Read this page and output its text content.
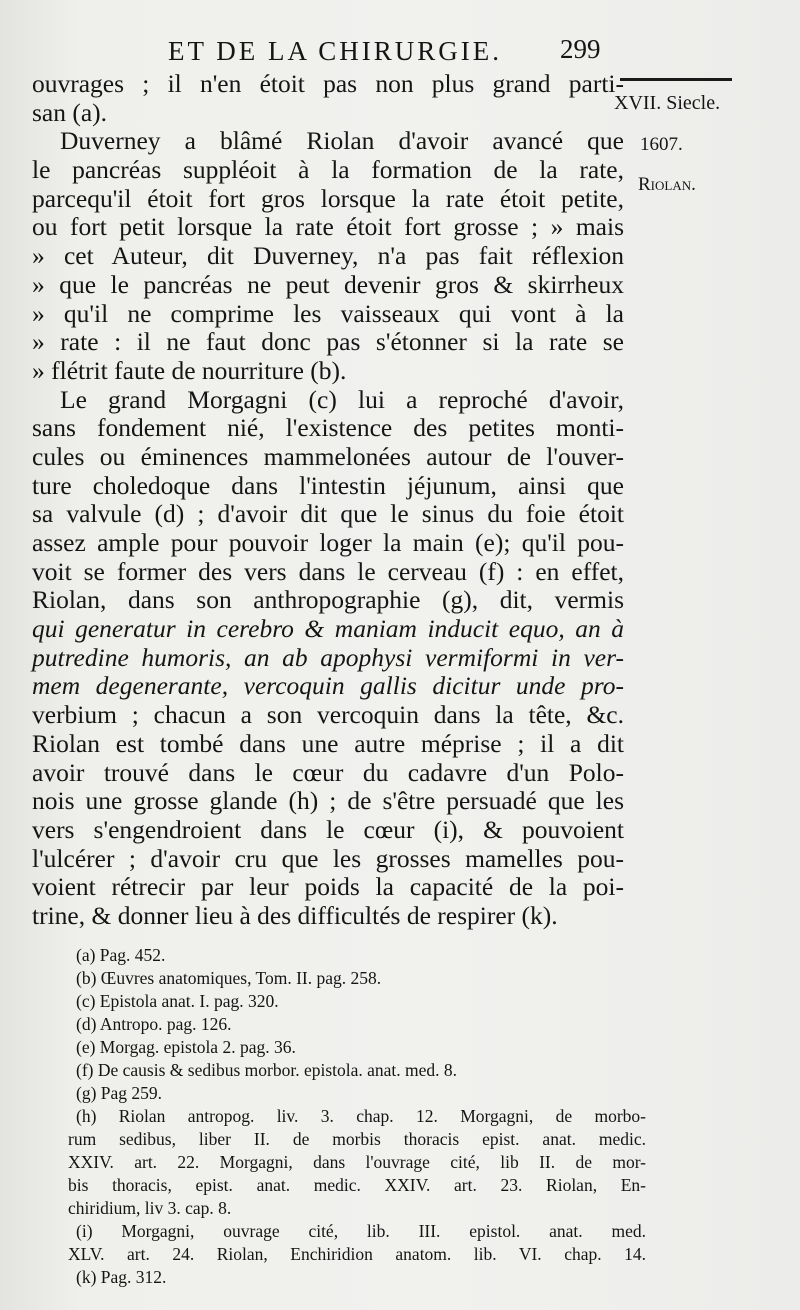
ET DE LA CHIRURGIE.	299
XVII. Siecle.
1607.
Riolan.
ouvrages ; il n'en étoit pas non plus grand parti-
san (a).
Duverney a blâmé Riolan d'avoir avancé que
le pancréas suppléoit à la formation de la rate,
parcequ'il étoit fort gros lorsque la rate étoit petite,
ou fort petit lorsque la rate étoit fort grosse ; » mais
» cet Auteur, dit Duverney, n'a pas fait réflexion
» que le pancréas ne peut devenir gros & skirrheux
» qu'il ne comprime les vaisseaux qui vont à la
» rate : il ne faut donc pas s'étonner si la rate se
» flétrit faute de nourriture (b).
Le grand Morgagni (c) lui a reproché d'avoir,
sans fondement nié, l'existence des petites monti-
cules ou éminences mammelonées autour de l'ouver-
ture choledoque dans l'intestin jéjunum, ainsi que
sa valvule (d) ; d'avoir dit que le sinus du foie étoit
assez ample pour pouvoir loger la main (e); qu'il pou-
voit se former des vers dans le cerveau (f) : en effet,
Riolan, dans son anthropographie (g), dit, vermis
qui generatur in cerebro & maniam inducit equo, an à
putredine humoris, an ab apophysi vermiformi in ver-
mem degenerante, vercoquin gallis dicitur unde pro-
verbium ; chacun a son vercoquin dans la tête, &c.
Riolan est tombé dans une autre méprise ; il a dit
avoir trouvé dans le cœur du cadavre d'un Polo-
nois une grosse glande (h) ; de s'être persuadé que les
vers s'engendroient dans le cœur (i), & pouvoient
l'ulcérer ; d'avoir cru que les grosses mamelles pou-
voient rétrecir par leur poids la capacité de la poi-
trine, & donner lieu à des difficultés de respirer (k).
(a) Pag. 452.
(b) Œuvres anatomiques, Tom. II. pag. 258.
(c) Epistola anat. I. pag. 320.
(d) Antropo. pag. 126.
(e) Morgag. epistola 2. pag. 36.
(f) De causis & sedibus morbor. epistola. anat. med. 8.
(g) Pag 259.
(h) Riolan antropog. liv. 3. chap. 12. Morgagni, de morbo-
rum sedibus, liber II. de morbis thoracis epist. anat. medic.
XXIV. art. 22. Morgagni, dans l'ouvrage cité, lib II. de mor-
bis thoracis, epist. anat. medic. XXIV. art. 23. Riolan, En-
chiridium, liv 3. cap. 8.
(i) Morgagni, ouvrage cité, lib. III. epistol. anat. med.
XLV. art. 24. Riolan, Enchiridion anatom. lib. VI. chap. 14.
(k) Pag. 312.
